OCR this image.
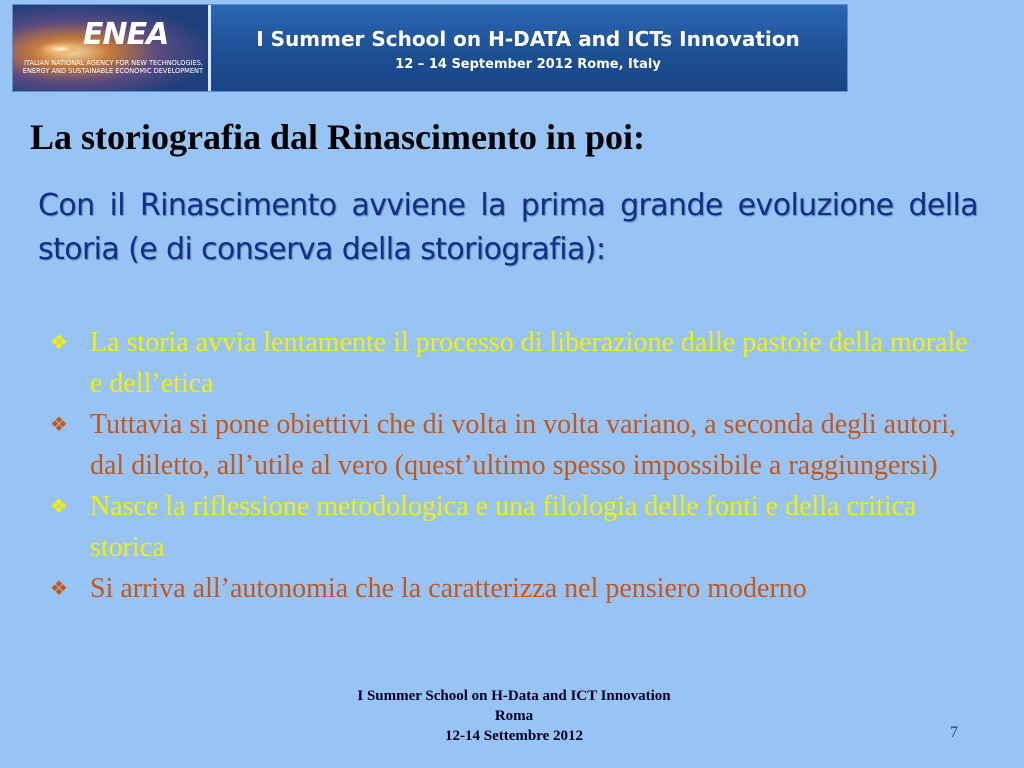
ENEA
ITALIAN NATIONAL AGENCY FOR NEW TECHNOLOGIES, ENERGY AND SUSTAINABLE ECONOMIC DEVELOPMENT
I Summer School on H-DATA and ICTs Innovation
12 – 14 September 2012 Rome, Italy
La storiografia dal Rinascimento in poi:

Con il Rinascimento avviene la prima grande evoluzione della storia (e di conserva della storiografia):

❖ La storia avvia lentamente il processo di liberazione dalle pastoie della morale e dell’etica
❖ Tuttavia si pone obiettivi che di volta in volta variano, a seconda degli autori, dal diletto, all’utile al vero (quest’ultimo spesso impossibile a raggiungersi)
❖ Nasce la riflessione metodologica e una filologia delle fonti e della critica storica
❖ Si arriva all’autonomia che la caratterizza nel pensiero moderno
I Summer School on H-Data and ICT Innovation
Roma
12-14 Settembre 2012	7
